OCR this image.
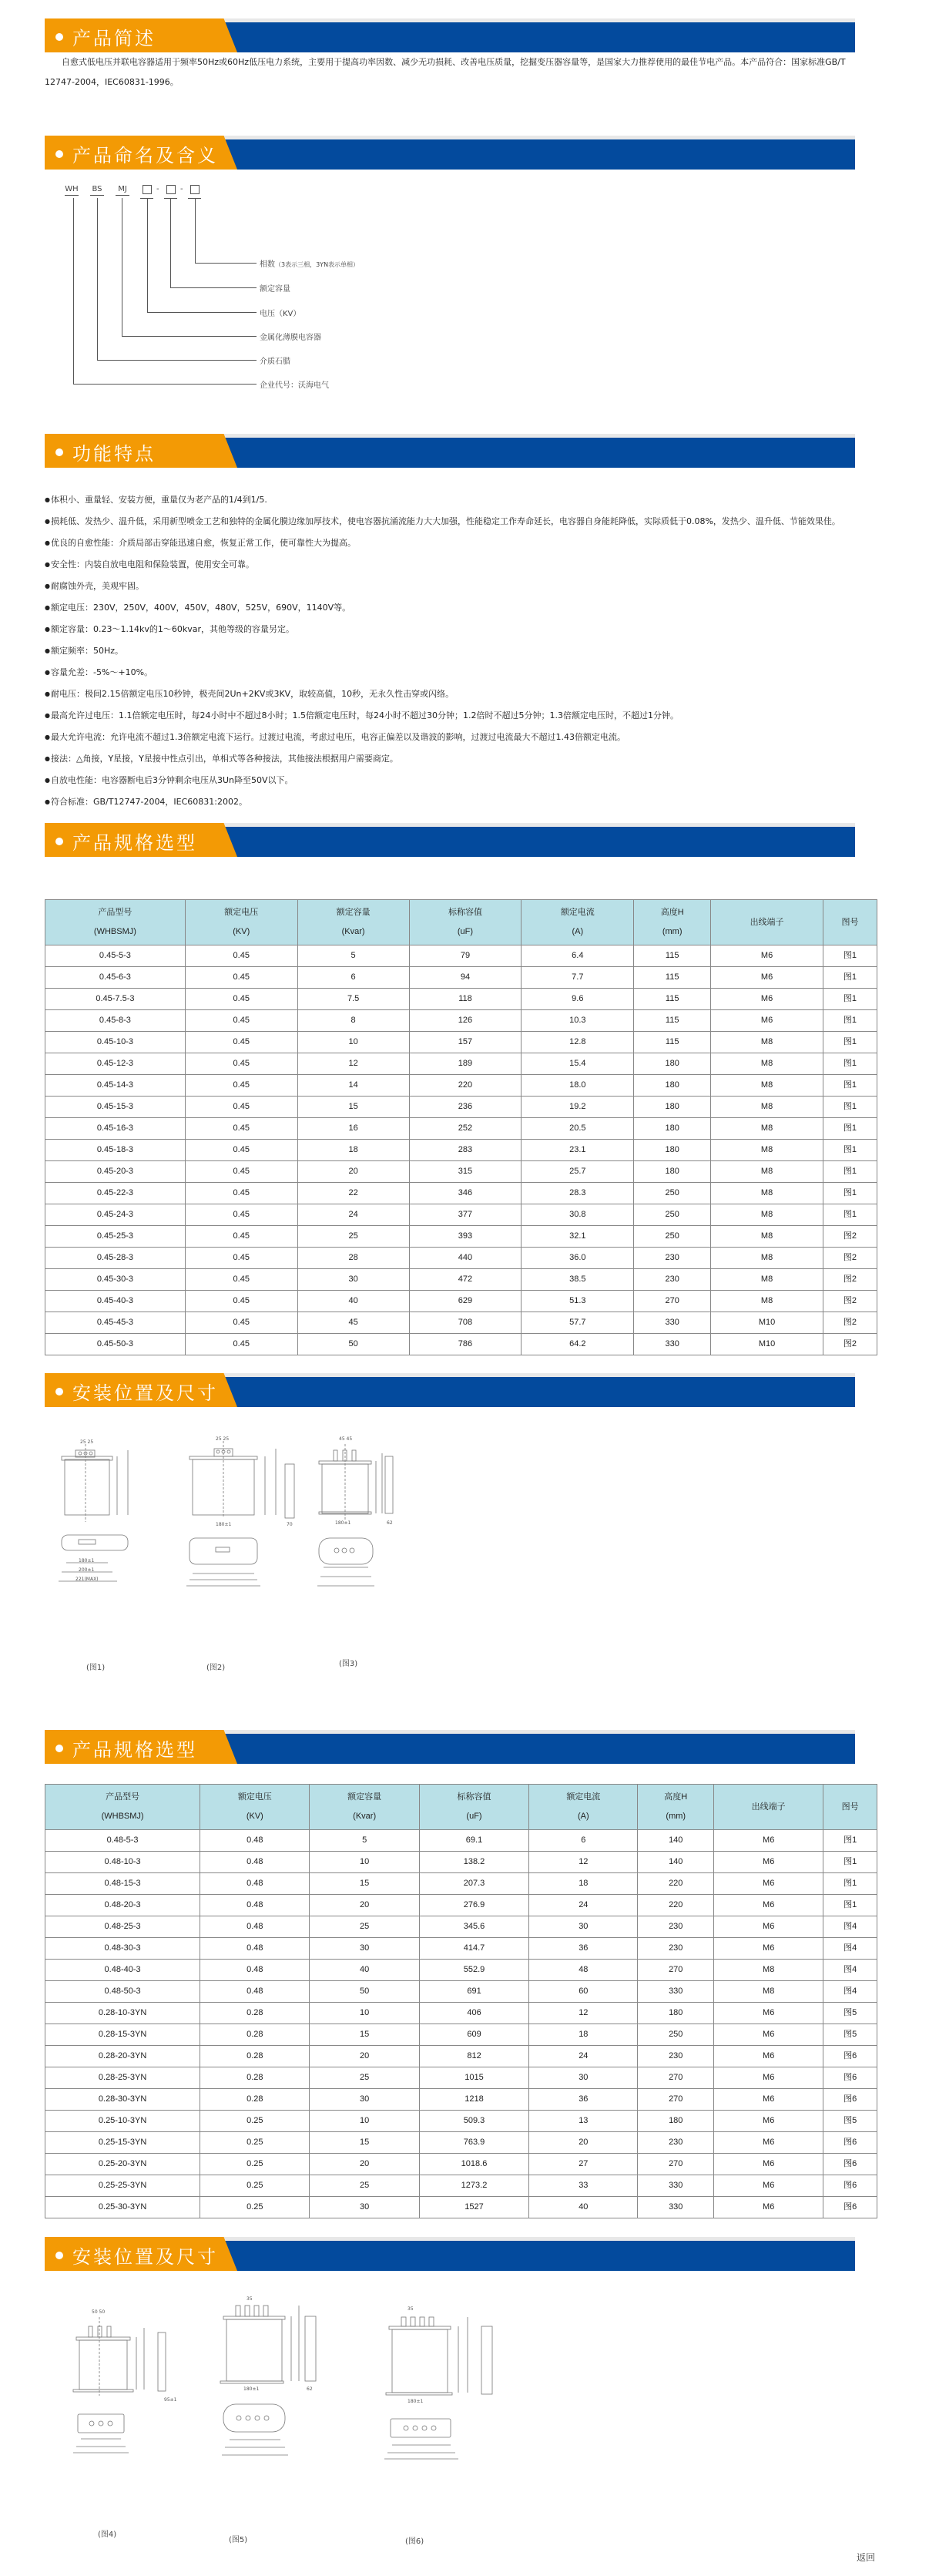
产品简述

自愈式低电压并联电容器适用于频率50Hz或60Hz低压电力系统，主要用于提高功率因数、减少无功损耗、改善电压质量，挖掘变压器容量等，是国家大力推荐使用的最佳节电产品。本产品符合：国家标准GB/T 12747-2004，IEC60831-1996。

产品命名及含义
WH BS	MJ	-	-
相数（3表示三相，3YN表示单相）
额定容量
电压（KV）
金属化薄膜电容器
介质石腊
企业代号：沃海电气
功能特点
● 体积小、重量轻、安装方便，重量仅为老产品的1/4到1/5.
● 损耗低、发热少、温升低，采用新型喷金工艺和独特的金属化膜边缘加厚技术，使电容器抗涌流能力大大加强，性能稳定工作寿命延长，电容器自身能耗降低，实际质低于0.08%，发热少、温升低、节能效果佳。
● 优良的自愈性能：介质局部击穿能迅速自愈，恢复正常工作，使可靠性大为提高。
● 安全性：内装自放电电阻和保险装置，使用安全可靠。
● 耐腐蚀外壳，美观牢固。
● 额定电压：230V，250V，400V，450V，480V，525V，690V，1140V等。
● 额定容量：0.23～1.14kv的1～60kvar，其他等级的容量另定。
● 额定频率：50Hz。
● 容量允差：-5%～+10%。
● 耐电压：极间2.15倍额定电压10秒钟，极壳间2Un+2KV或3KV，取较高值，10秒，无永久性击穿或闪络。
● 最高允许过电压：1.1倍额定电压时，每24小时中不超过8小时；1.5倍额定电压时，每24小时不超过30分钟；1.2倍时不超过5分钟；1.3倍额定电压时，不超过1分钟。
● 最大允许电流：允许电流不超过1.3倍额定电流下运行。过渡过电流，考虑过电压，电容正偏差以及谐波的影响，过渡过电流最大不超过1.43倍额定电流。
● 接法：△角接，Y星接，Y星接中性点引出，单相式等各种接法，其他接法根据用户需要商定。
● 自放电性能：电容器断电后3分钟剩余电压从3Un降至50V以下。
● 符合标准：GB/T12747-2004，IEC60831:2002。
产品规格选型
产品型号
(WHBSMJ)

额定电压
(KV)

额定容量
(Kvar)

标称容值
(uF)

额定电流
(A)

高度H
(mm)
	出线端子	图号
0.45-5-3	0.45	5	79	6.4	115	M6	图1
0.45-6-3	0.45	6	94	7.7	115	M6	图1
0.45-7.5-3	0.45	7.5	118	9.6	115	M6	图1
0.45-8-3	0.45	8	126	10.3	115	M6	图1
0.45-10-3	0.45	10	157	12.8	115	M8	图1
0.45-12-3	0.45	12	189	15.4	180	M8	图1
0.45-14-3	0.45	14	220	18.0	180	M8	图1
0.45-15-3	0.45	15	236	19.2	180	M8	图1
0.45-16-3	0.45	16	252	20.5	180	M8	图1
0.45-18-3	0.45	18	283	23.1	180	M8	图1
0.45-20-3	0.45	20	315	25.7	180	M8	图1
0.45-22-3	0.45	22	346	28.3	250	M8	图1
0.45-24-3	0.45	24	377	30.8	250	M8	图1
0.45-25-3	0.45	25	393	32.1	250	M8	图2
0.45-28-3	0.45	28	440	36.0	230	M8	图2
0.45-30-3	0.45	30	472	38.5	230	M8	图2
0.45-40-3	0.45	40	629	51.3	270	M8	图2
0.45-45-3	0.45	45	708	57.7	330	M10	图2
0.45-50-3	0.45	50	786	64.2	330	M10	图2
安装位置及尺寸
25 25
180±1
200±1
221(MAX)
(图1)
25 25
180±1	70
(图2)
45 45
180±1	62
(图3)
产品规格选型
产品型号
(WHBSMJ)

额定电压
(KV)

额定容量
(Kvar)

标称容值
(uF)

额定电流
(A)

高度H
(mm)
	出线端子	图号
0.48-5-3	0.48	5	69.1	6	140	M6	图1
0.48-10-3	0.48	10	138.2	12	140	M6	图1
0.48-15-3	0.48	15	207.3	18	220	M6	图1
0.48-20-3	0.48	20	276.9	24	220	M6	图1
0.48-25-3	0.48	25	345.6	30	230	M6	图4
0.48-30-3	0.48	30	414.7	36	230	M6	图4
0.48-40-3	0.48	40	552.9	48	270	M8	图4
0.48-50-3	0.48	50	691	60	330	M8	图4
0.28-10-3YN	0.28	10	406	12	180	M6	图5
0.28-15-3YN	0.28	15	609	18	250	M6	图5
0.28-20-3YN	0.28	20	812	24	230	M6	图6
0.28-25-3YN	0.28	25	1015	30	270	M6	图6
0.28-30-3YN	0.28	30	1218	36	270	M6	图6
0.25-10-3YN	0.25	10	509.3	13	180	M6	图5
0.25-15-3YN	0.25	15	763.9	20	230	M6	图6
0.25-20-3YN	0.25	20	1018.6	27	270	M6	图6
0.25-25-3YN	0.25	25	1273.2	33	330	M6	图6
0.25-30-3YN	0.25	30	1527	40	330	M6	图6
安装位置及尺寸
50 50
95±1
(图4)
35
180±1	62
(图5)
35
180±1
(图6)
返回
